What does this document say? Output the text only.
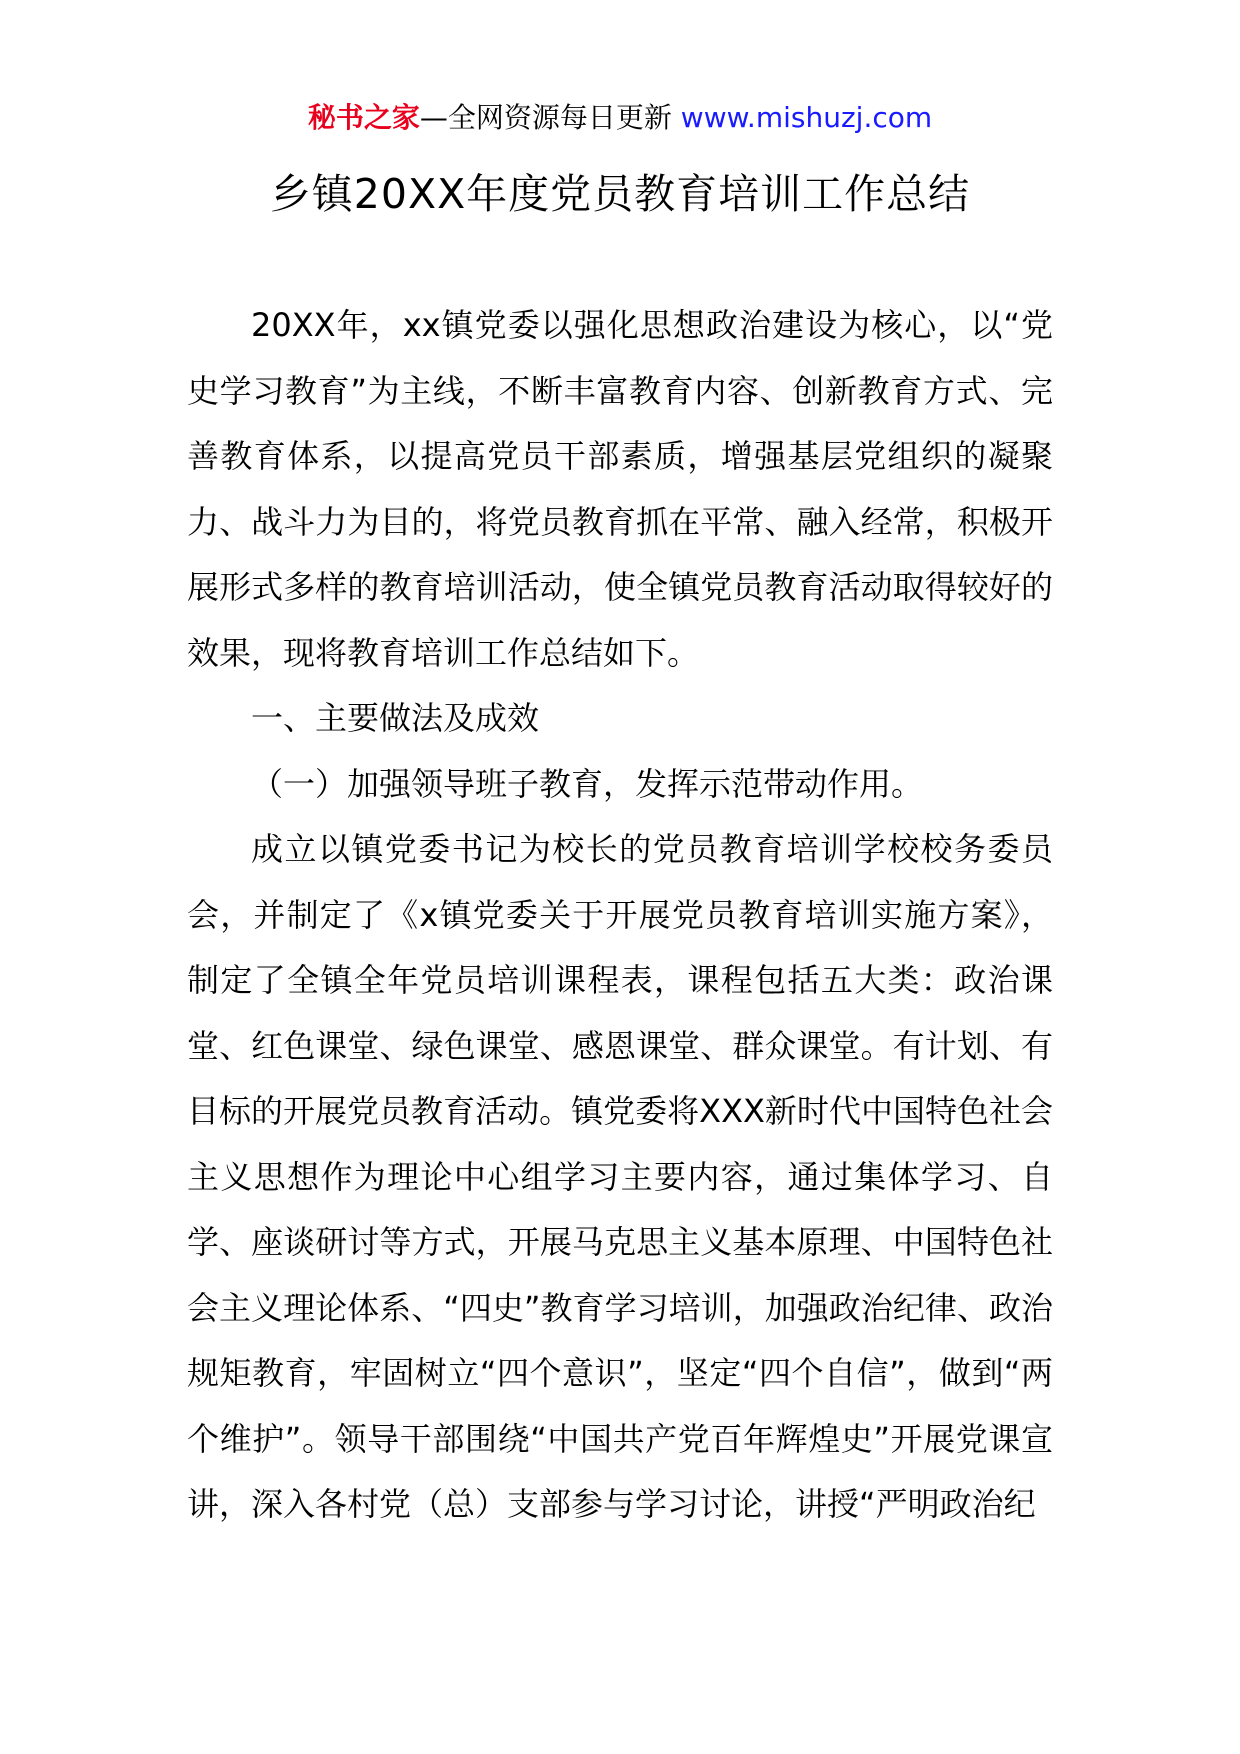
秘书之家—全网资源每日更新 www.mishuzj.com
乡镇20XX年度党员教育培训工作总结

20XX年，xx镇党委以强化思想政治建设为核心，以“党史学习教育”为主线，不断丰富教育内容、创新教育方式、完善教育体系，以提高党员干部素质，增强基层党组织的凝聚力、战斗力为目的，将党员教育抓在平常、融入经常，积极开展形式多样的教育培训活动，使全镇党员教育活动取得较好的效果，现将教育培训工作总结如下。

一、主要做法及成效

（一）加强领导班子教育，发挥示范带动作用。

成立以镇党委书记为校长的党员教育培训学校校务委员会，并制定了《x镇党委关于开展党员教育培训实施方案》，制定了全镇全年党员培训课程表，课程包括五大类：政治课堂、红色课堂、绿色课堂、感恩课堂、群众课堂。有计划、有目标的开展党员教育活动。镇党委将XXX新时代中国特色社会主义思想作为理论中心组学习主要内容，通过集体学习、自学、座谈研讨等方式，开展马克思主义基本原理、中国特色社会主义理论体系、“四史”教育学习培训，加强政治纪律、政治规矩教育，牢固树立“四个意识”，坚定“四个自信”，做到“两个维护”。领导干部围绕“中国共产党百年辉煌史”开展党课宣讲，深入各村党（总）支部参与学习讨论，讲授“严明政治纪
